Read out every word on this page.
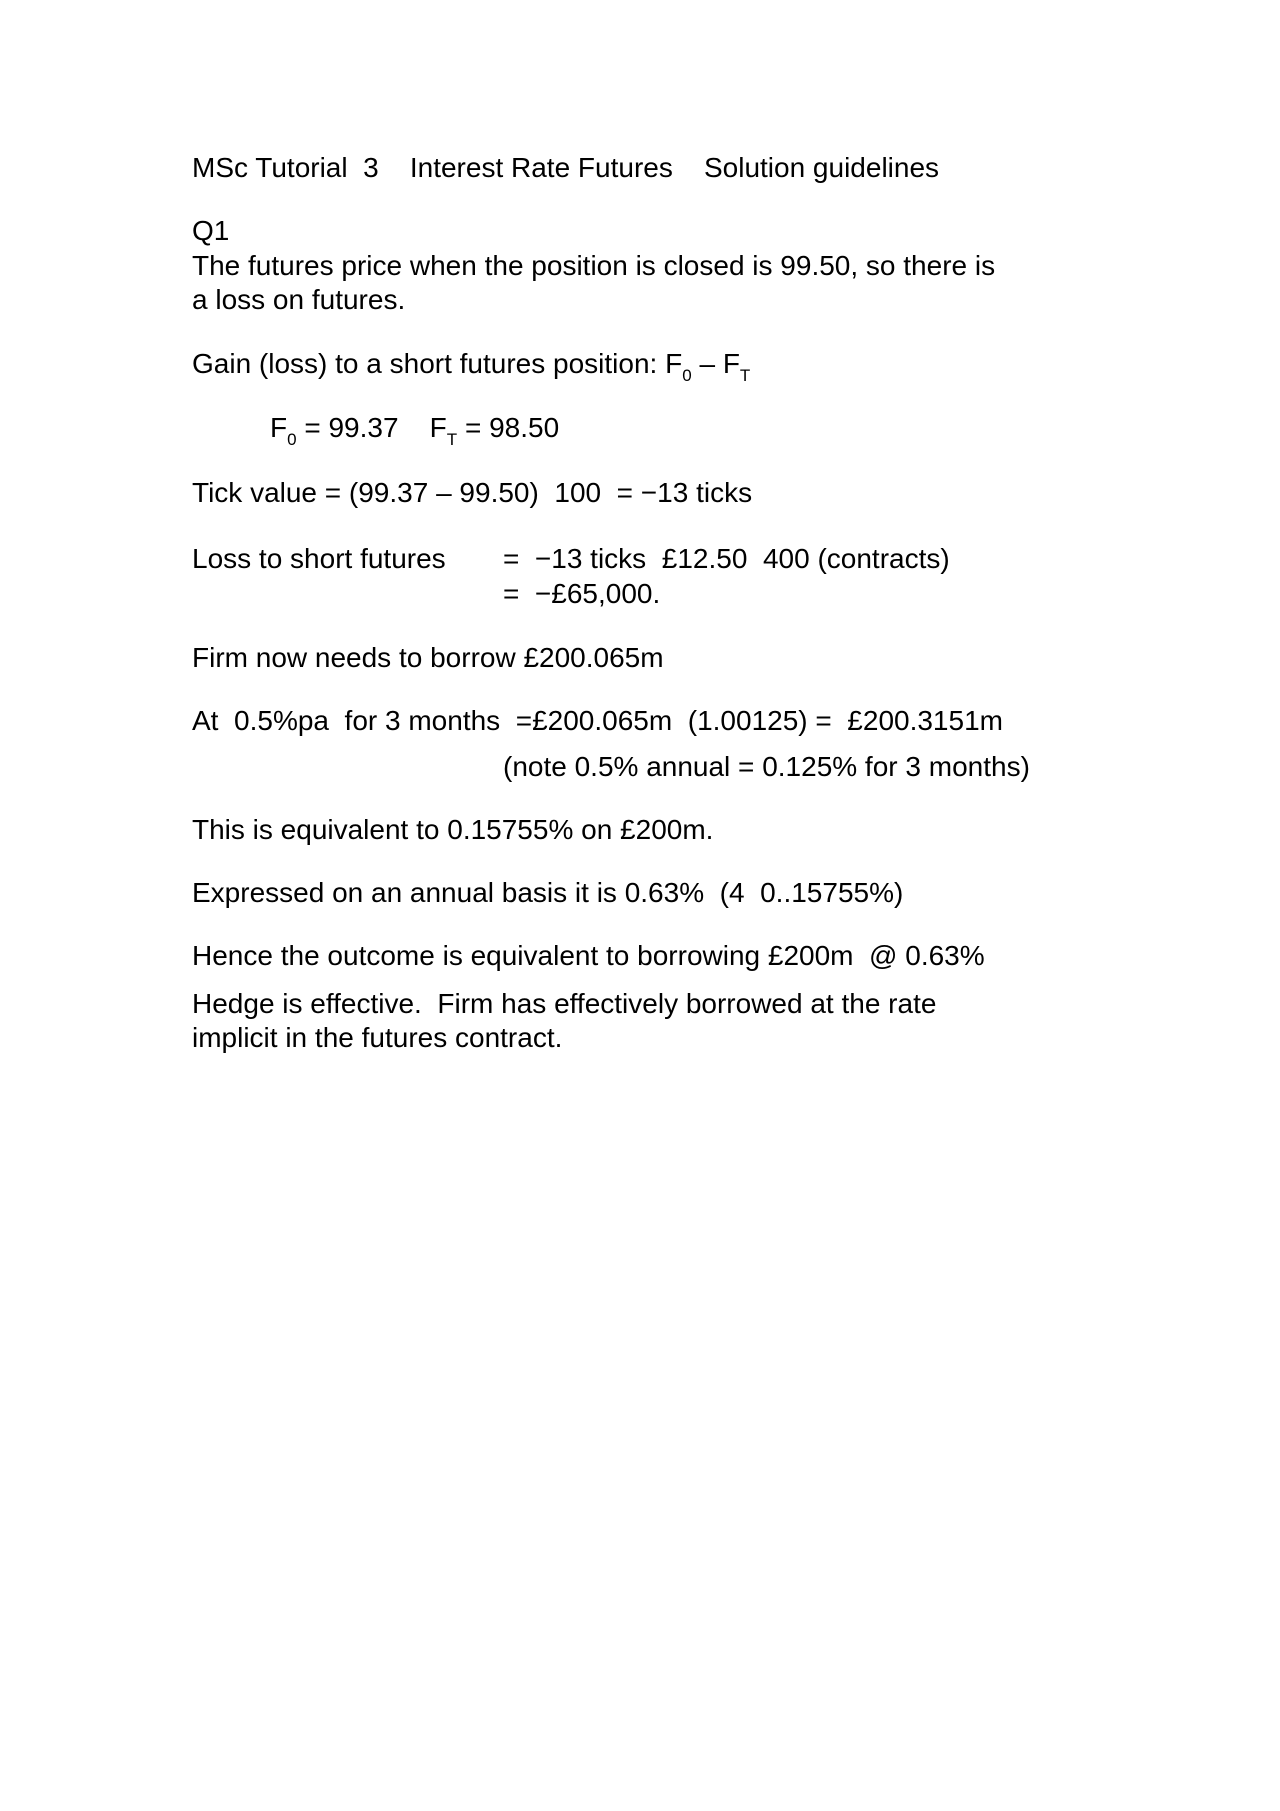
MSc Tutorial  3    Interest Rate Futures    Solution guidelines

Q1

The futures price when the position is closed is 99.50, so there is

a loss on futures.

Gain (loss) to a short futures position: $F_0 - F_T$

$F_0 = 99.37$    $F_T = 98.50$

Tick value = (99.37 – 99.50)  100  = −13 ticks

Loss to short futures =  −13 ticks  £12.50  400 (contracts)

=  −£65,000.

Firm now needs to borrow £200.065m

At  0.5%pa  for 3 months  =£200.065m  (1.00125) =  £200.3151m

(note 0.5% annual = 0.125% for 3 months)

This is equivalent to 0.15755% on £200m.

Expressed on an annual basis it is 0.63%  (4  0..15755%)

Hence the outcome is equivalent to borrowing £200m  @ 0.63%

Hedge is effective.  Firm has effectively borrowed at the rate

implicit in the futures contract.
